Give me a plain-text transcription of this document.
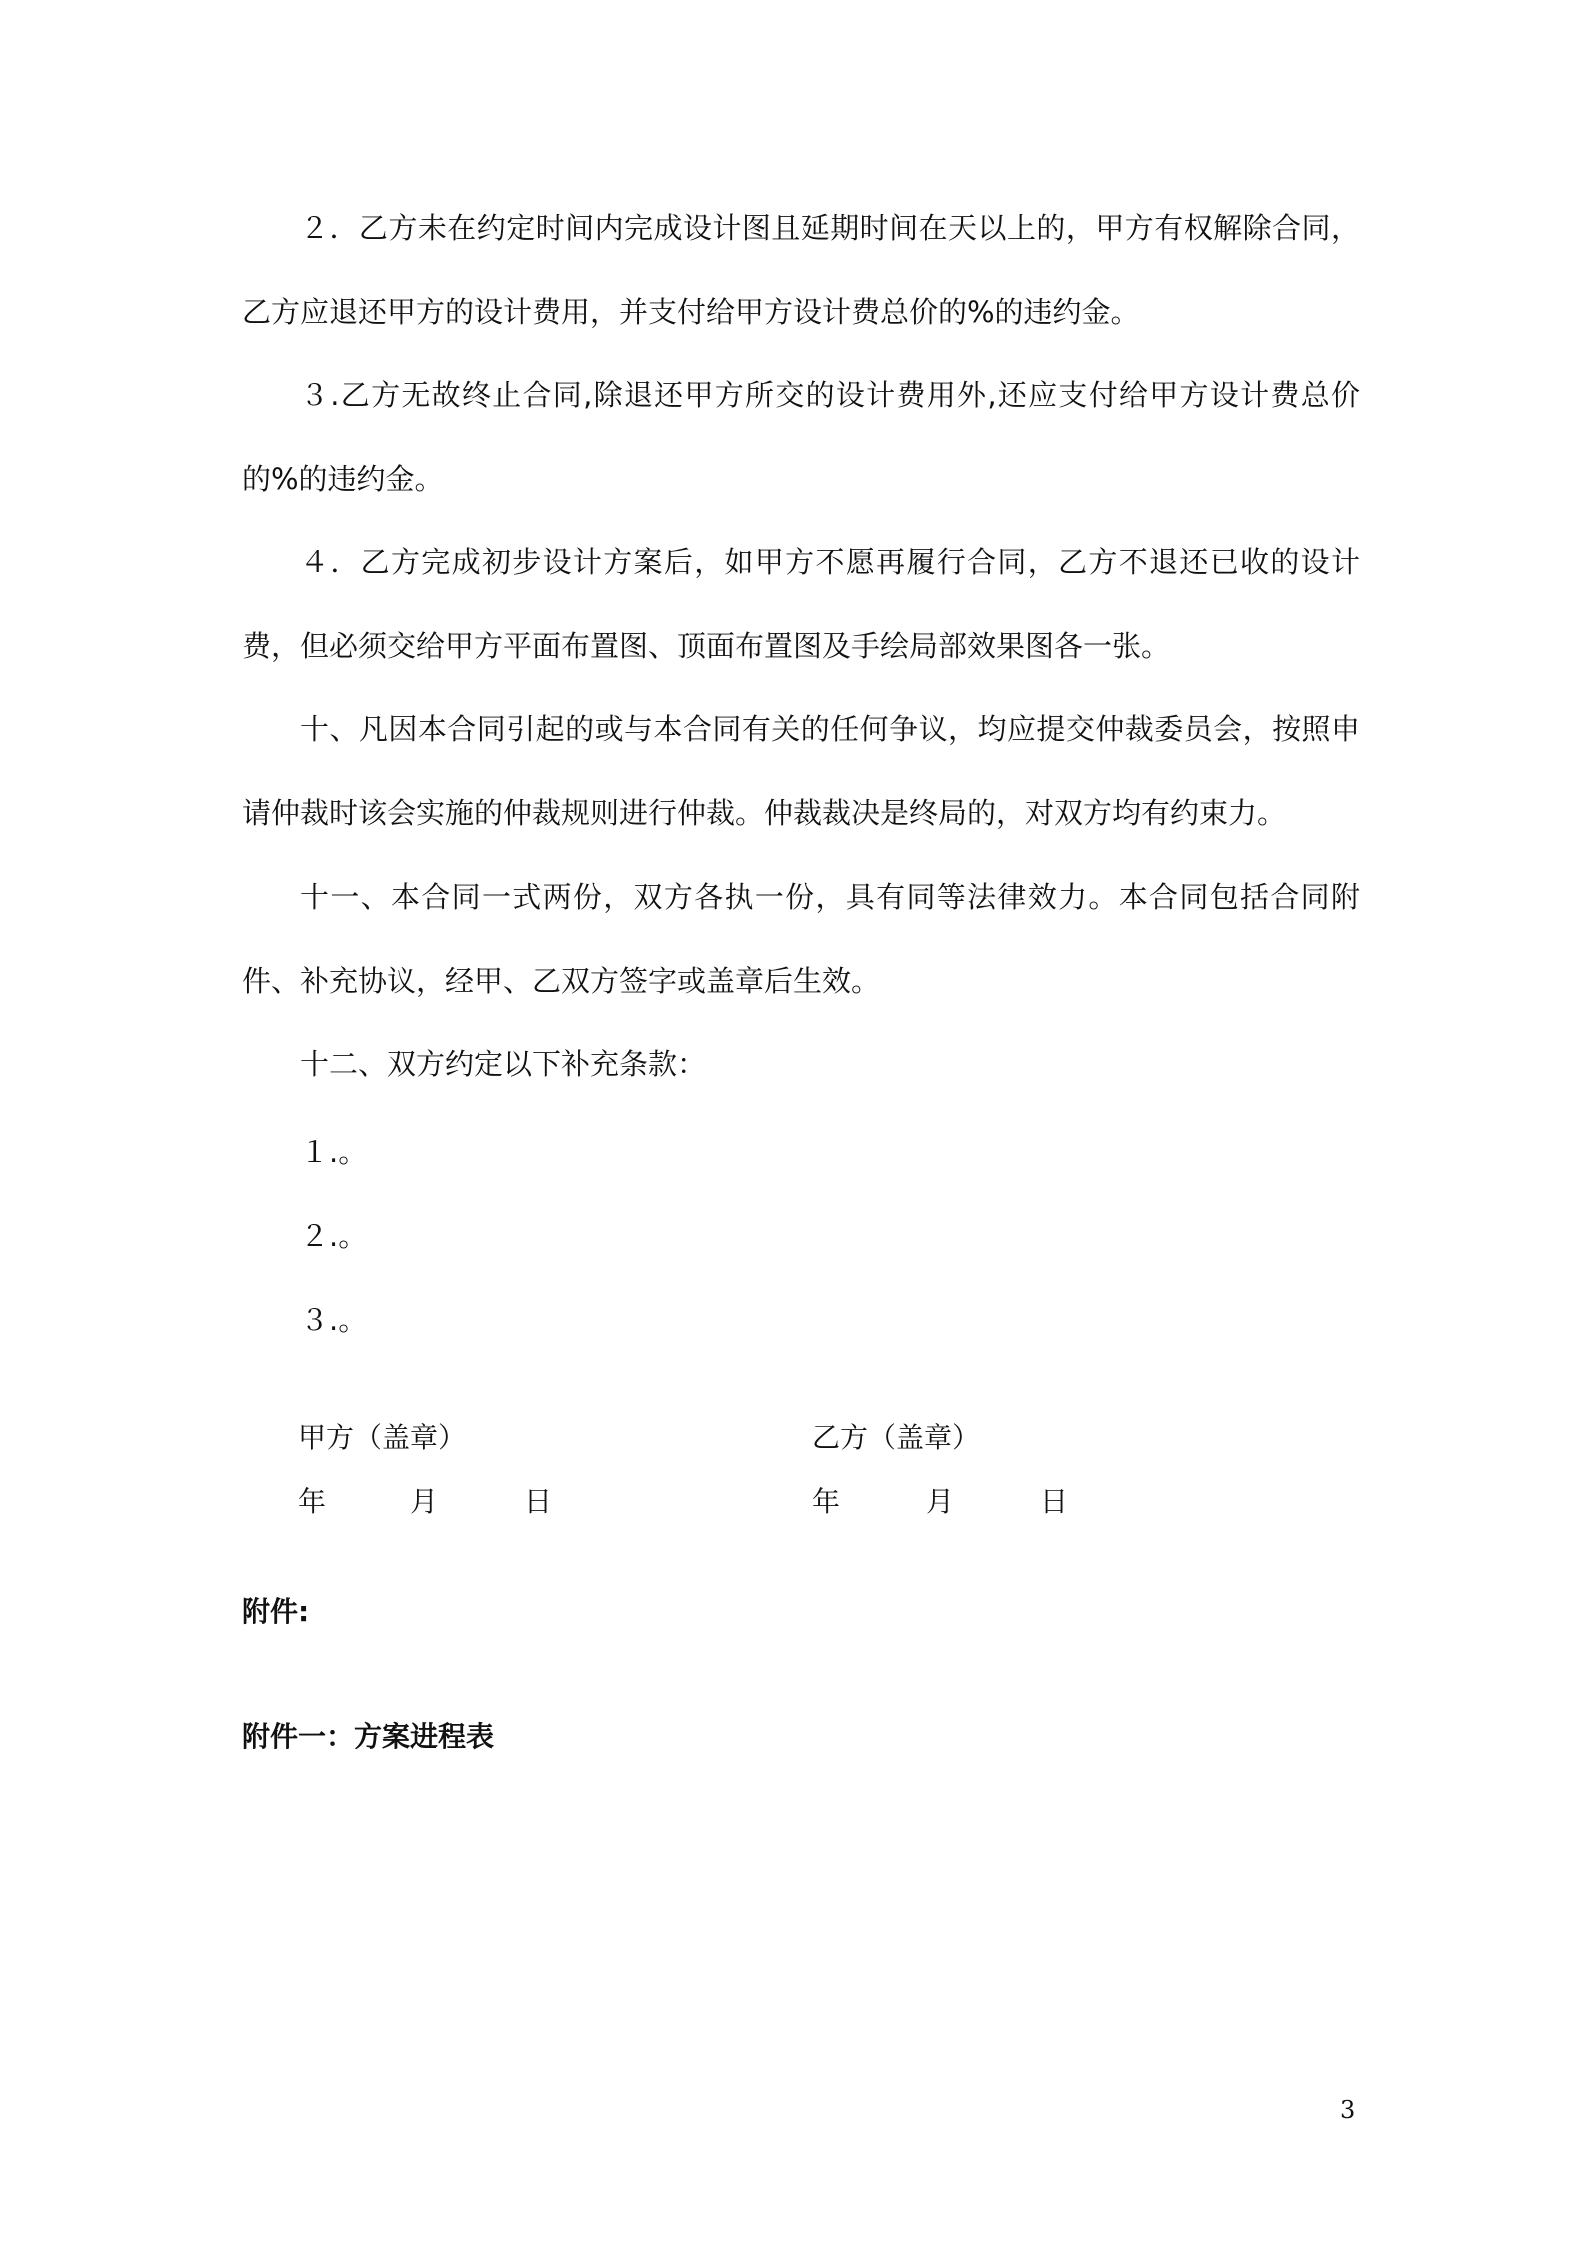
２．乙方未在约定时间内完成设计图且延期时间在天以上的，甲方有权解除合同，乙方应退还甲方的设计费用，并支付给甲方设计费总价的%的违约金。

３.乙方无故终止合同,除退还甲方所交的设计费用外,还应支付给甲方设计费总价的%的违约金。

４．乙方完成初步设计方案后，如甲方不愿再履行合同，乙方不退还已收的设计费，但必须交给甲方平面布置图、顶面布置图及手绘局部效果图各一张。

十、凡因本合同引起的或与本合同有关的任何争议，均应提交仲裁委员会，按照申请仲裁时该会实施的仲裁规则进行仲裁。仲裁裁决是终局的，对双方均有约束力。

十一、本合同一式两份，双方各执一份，具有同等法律效力。本合同包括合同附件、补充协议，经甲、乙双方签字或盖章后生效。

十二、双方约定以下补充条款：

１.。
２.。
３.。
甲方（盖章）
年	月	日
乙方（盖章）
年	月	日
附件:
附件一：方案进程表
3
